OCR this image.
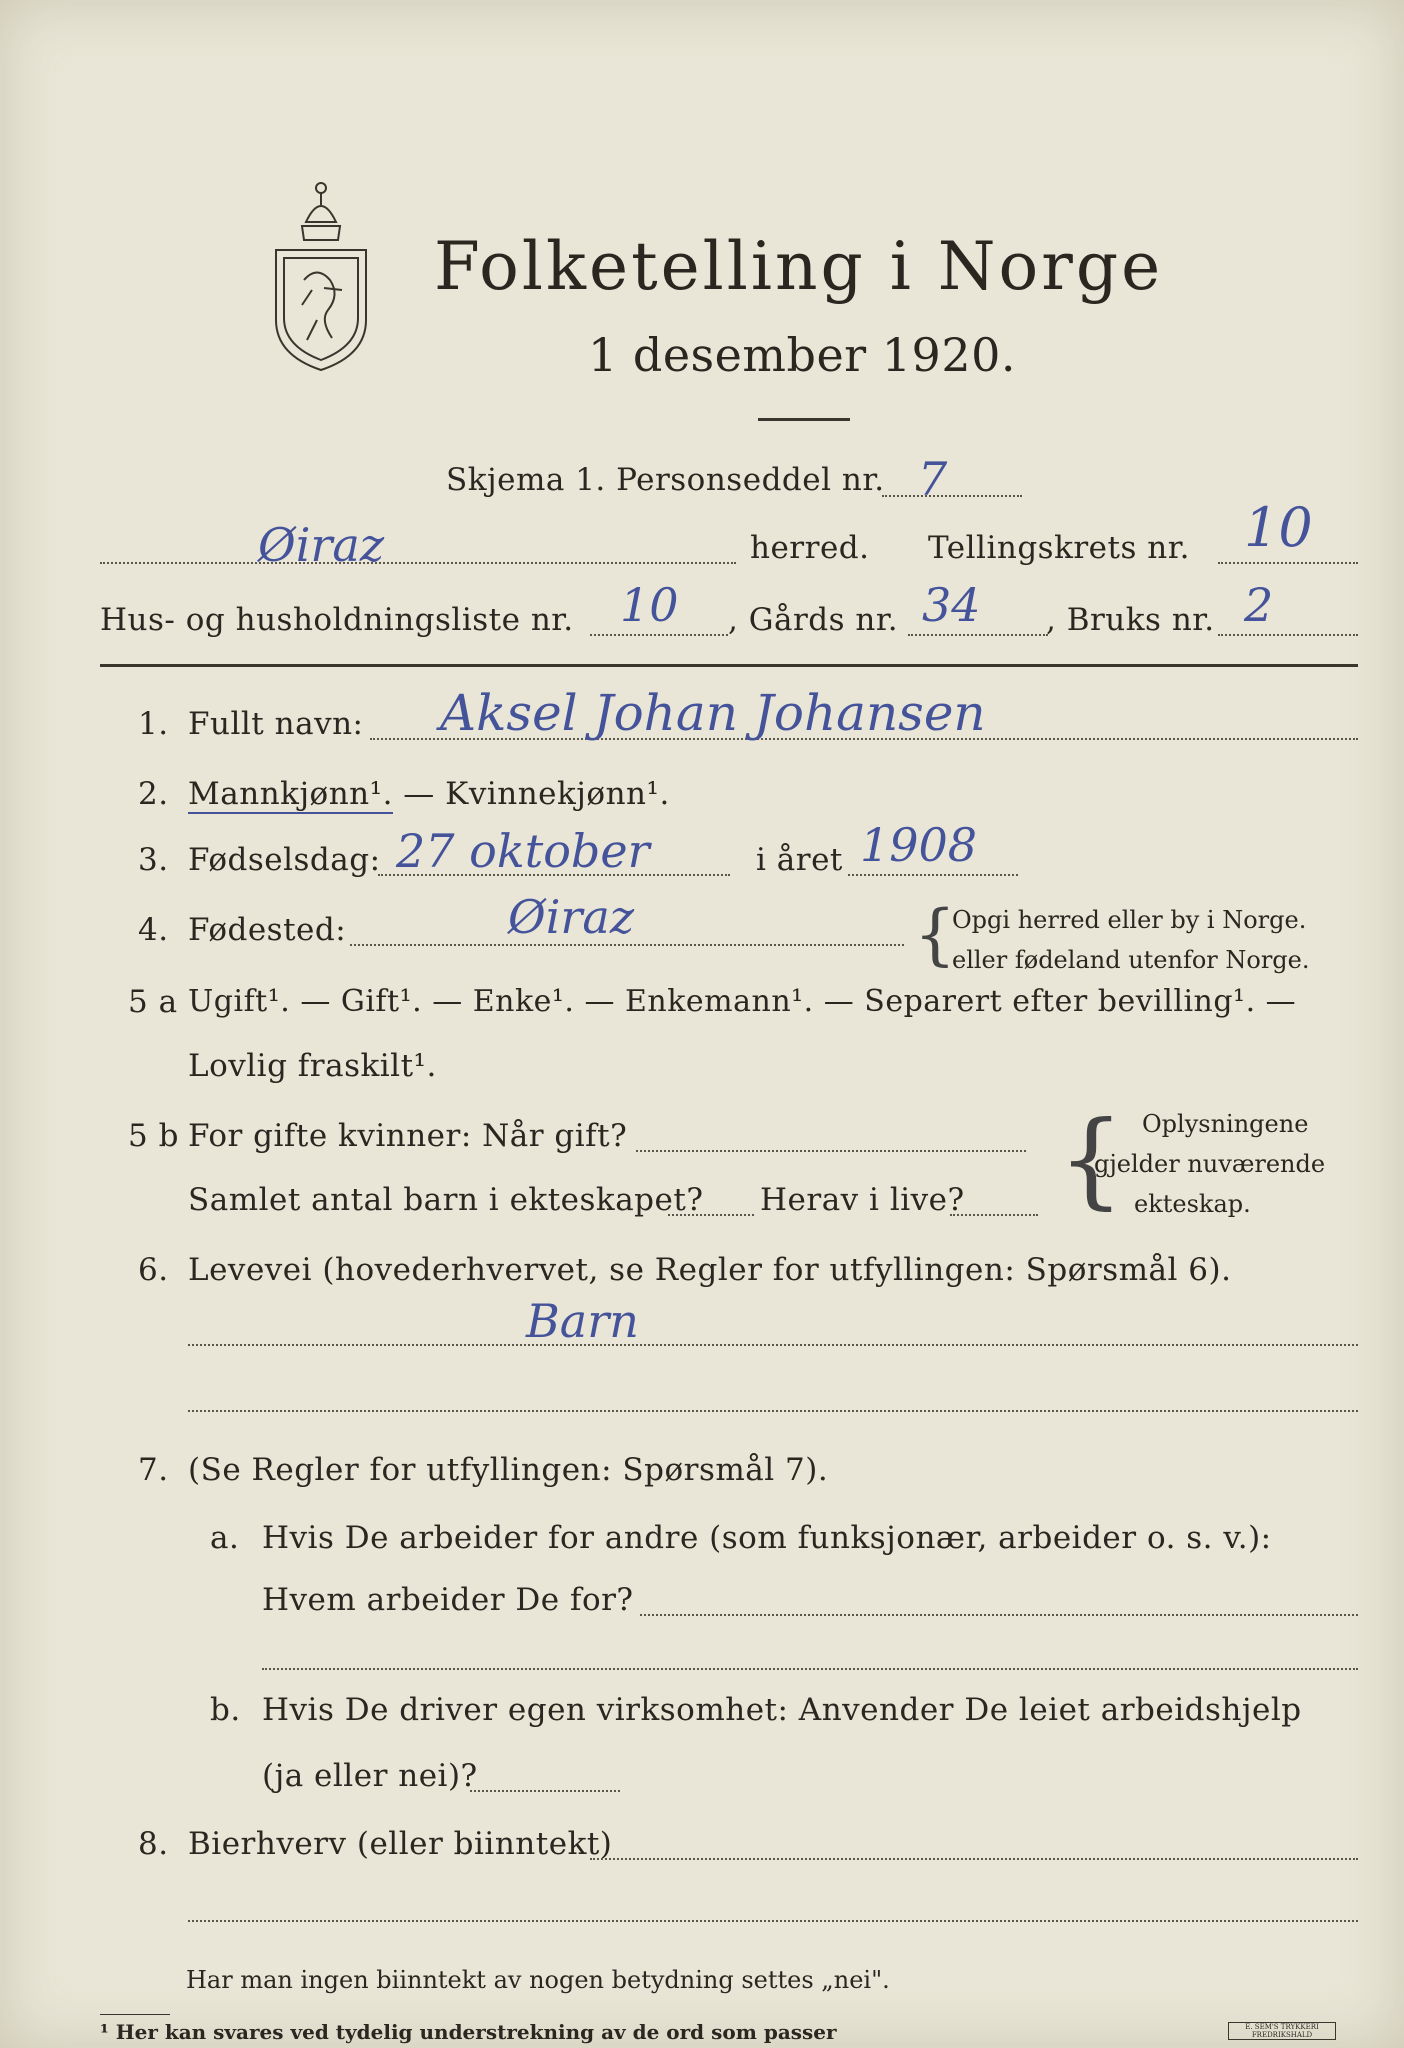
Folketelling i Norge
1 desember 1920.
Skjema 1. Personseddel nr. 7
Øiraz	herred. Tellingskrets nr. 10
Hus- og husholdningsliste nr. 10 , Gårds nr. 34 , Bruks nr. 2
1. Fullt navn: Aksel Johan Johansen
2. Mannkjønn¹. — Kvinnekjønn¹.
3. Fødselsdag: 27 oktober	i året 1908
4. Fødested:	Øiraz	{
Opgi herred eller by i Norge.
eller fødeland utenfor Norge.
5 a Ugift¹. — Gift¹. — Enke¹. — Enkemann¹. — Separert efter bevilling¹. —
Lovlig fraskilt¹.
5 b For gifte kvinner: Når gift?
Samlet antal barn i ekteskapet? Herav i live? { Oplysningene
gjelder nuværende
ekteskap.
6. Levevei (hovederhvervet, se Regler for utfyllingen: Spørsmål 6).
Barn
7. (Se Regler for utfyllingen: Spørsmål 7).
a. Hvis De arbeider for andre (som funksjonær, arbeider o. s. v.):
Hvem arbeider De for?
b. Hvis De driver egen virksomhet: Anvender De leiet arbeidshjelp
(ja eller nei)?
8. Bierhverv (eller biinntekt)
Har man ingen biinntekt av nogen betydning settes „nei".
¹ Her kan svares ved tydelig understrekning av de ord som passer	E. SEM'S TRYKKERI FREDRIKSHALD
